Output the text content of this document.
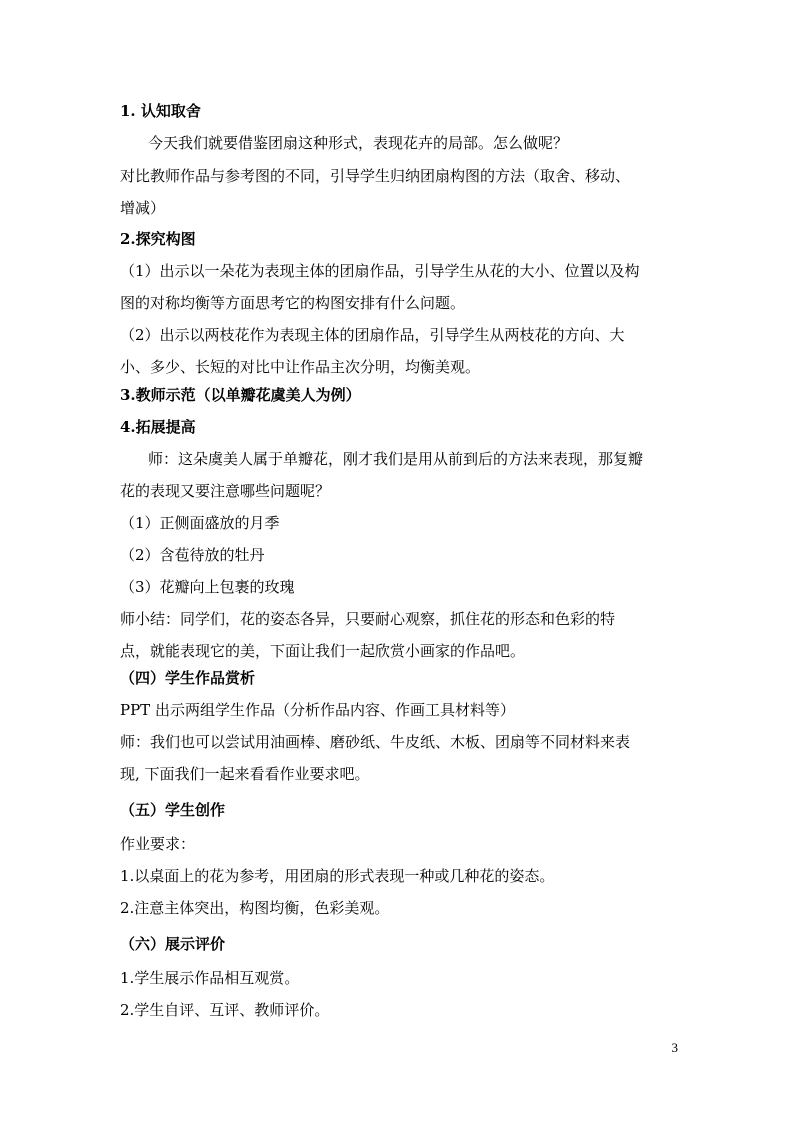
1. 认知取舍
今天我们就要借鉴团扇这种形式，表现花卉的局部。怎么做呢？
对比教师作品与参考图的不同，引导学生归纳团扇构图的方法（取舍、移动、
增减）
2.探究构图
（1）出示以一朵花为表现主体的团扇作品，引导学生从花的大小、位置以及构
图的对称均衡等方面思考它的构图安排有什么问题。
（2）出示以两枝花作为表现主体的团扇作品，引导学生从两枝花的方向、大
小、多少、长短的对比中让作品主次分明，均衡美观。
3.教师示范（以单瓣花虞美人为例）
4.拓展提高
师：这朵虞美人属于单瓣花，刚才我们是用从前到后的方法来表现，那复瓣
花的表现又要注意哪些问题呢？
（1）正侧面盛放的月季
（2）含苞待放的牡丹
（3）花瓣向上包裹的玫瑰
师小结：同学们，花的姿态各异，只要耐心观察，抓住花的形态和色彩的特
点，就能表现它的美，下面让我们一起欣赏小画家的作品吧。
（四）学生作品赏析
PPT 出示两组学生作品（分析作品内容、作画工具材料等）
师：我们也可以尝试用油画棒、磨砂纸、牛皮纸、木板、团扇等不同材料来表
现, 下面我们一起来看看作业要求吧。
（五）学生创作
作业要求：
1.以桌面上的花为参考，用团扇的形式表现一种或几种花的姿态。
2.注意主体突出，构图均衡，色彩美观。
（六）展示评价
1.学生展示作品相互观赏。
2.学生自评、互评、教师评价。
3
